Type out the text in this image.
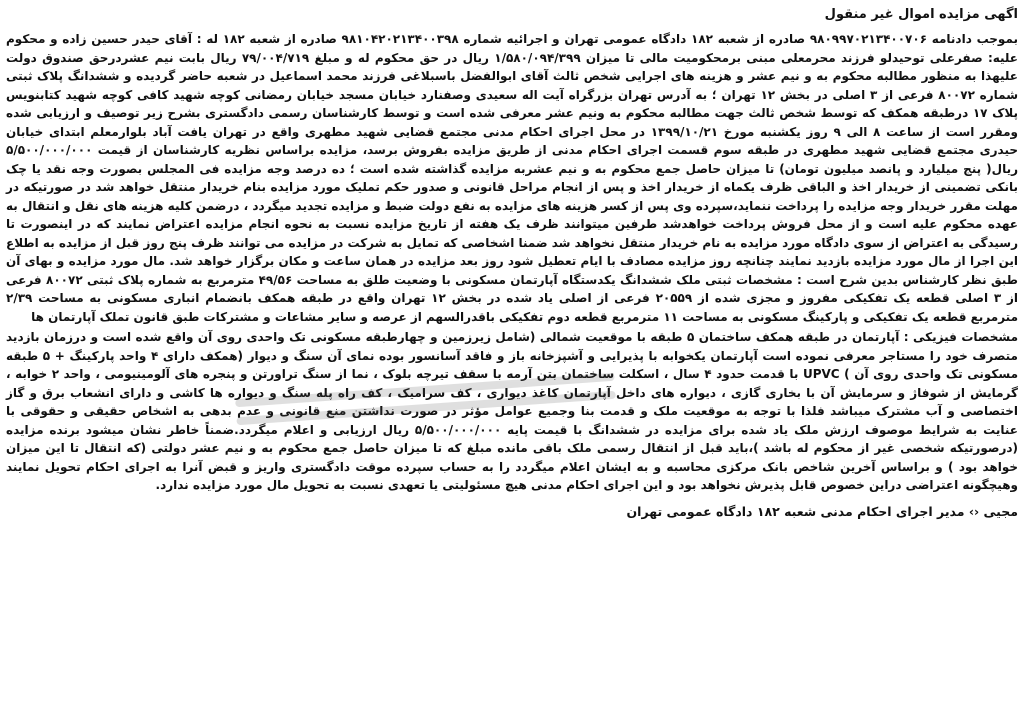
اگهی مزایده اموال غیر منقول

بموجب دادنامه ۹۸۰۹۹۷۰۲۱۳۴۰۰۷۰۶ صادره از شعبه ۱۸۲ دادگاه عمومی تهران و اجرائیه شماره ۹۸۱۰۴۲۰۲۱۳۴۰۰۳۹۸ صادره از شعبه ۱۸۲ له : آقای حیدر حسین زاده و محکوم علیه: صفرعلی توحیدلو فرزند محرمعلی مبنی برمحکومیت مالی تا میزان ۱/۵۸۰/۰۹۴/۳۹۹ ریال در حق محکوم له و مبلغ ۷۹/۰۰۴/۷۱۹ ریال بابت نیم عشردرحق صندوق دولت علیهذا به منظور مطالبه محکوم به و نیم عشر و هزینه های اجرایی شخص ثالث آقای ابوالفضل باسبلاغی فرزند محمد اسماعیل در شعبه حاضر گردیده و ششدانگ پلاک ثبتی شماره ۸۰۰۷۲ فرعی از ۳ اصلی در بخش ۱۲ تهران ؛ به آدرس تهران بزرگراه آیت اله سعیدی وصفنارد خیابان مسجد خیابان رمضانی کوچه شهید کافی کوچه شهید کتابنویس پلاک ۱۷ درطبقه همکف که توسط شخص ثالث جهت مطالبه محکوم به ونیم عشر معرفی شده است و توسط کارشناسان رسمی دادگستری بشرح زیر توصیف و ارزیابی شده ومقرر است از ساعت ۸ الی ۹ روز یکشنبه مورخ ۱۳۹۹/۱۰/۲۱ در محل اجرای احکام مدنی مجتمع قضایی شهید مطهری واقع در تهران یافت آباد بلوارمعلم ابتدای خیابان حیدری مجتمع قضایی شهید مطهری در طبقه سوم قسمت اجرای احکام مدنی از طریق مزایده بفروش برسد، مزایده براساس نظریه کارشناسان از قیمت ۵/۵۰۰/۰۰۰/۰۰۰ ریال( پنج میلیارد و پانصد میلیون تومان) تا میزان حاصل جمع محکوم به و نیم عشربه مزایده گذاشته شده است ؛ ده درصد وجه مزایده فی المجلس بصورت وجه نقد یا چک بانکی تضمینی از خریدار اخذ و الباقی ظرف یکماه از خریدار اخذ و پس از انجام مراحل قانونی و صدور حکم تملیک مورد مزایده بنام خریدار منتقل خواهد شد در صورتیکه در مهلت مقرر خریدار وجه مزایده را پرداخت ننماید،سپرده وی پس از کسر هزینه های مزایده به نفع دولت ضبط و مزایده تجدید میگردد ، درضمن کلیه هزینه های نقل و انتقال به عهده محکوم علیه است و از محل فروش پرداخت خواهدشد طرفین میتوانند ظرف یک هفته از تاریخ مزایده نسبت به نحوه انجام مزایده اعتراض نمایند که در اینصورت تا رسیدگی به اعتراض از سوی دادگاه مورد مزایده به نام خریدار منتقل نخواهد شد ضمنا اشخاصی که تمایل به شرکت در مزایده می توانند ظرف پنج روز قبل از مزایده به اطلاع این اجرا از مال مورد مزایده بازدید نمایند چنانچه روز مزایده مصادف با ایام تعطیل شود روز بعد مزایده در همان ساعت و مکان برگزار خواهد شد. مال مورد مزایده و بهای آن طبق نظر کارشناس بدین شرح است : مشخصات ثبتی ملک ششدانگ یکدستگاه آپارتمان مسکونی با وضعیت طلق به مساحت ۴۹/۵۶ مترمربع به شماره پلاک ثبتی ۸۰۰۷۲ فرعی از ۳ اصلی قطعه یک تفکیکی مفروز و مجزی شده از ۲۰۵۵۹ فرعی از اصلی یاد شده در بخش ۱۲ تهران واقع در طبقه همکف بانضمام انباری مسکونی به مساحت ۲/۳۹ مترمربع قطعه یک تفکیکی و پارکینگ مسکونی به مساحت ۱۱ مترمربع قطعه دوم تفکیکی باقدرالسهم از عرصه و سایر مشاعات و مشترکات طبق قانون تملک آپارتمان ها

مشخصات فیزیکی : آپارتمان در طبقه همکف ساختمان ۵ طبقه با موقعیت شمالی (شامل زیرزمین و چهارطبقه مسکونی تک واحدی روی آن واقع شده است و درزمان بازدید متصرف خود را مستاجر معرفی نموده است آپارتمان یکخوابه با پذیرایی و آشپزخانه باز و فاقد آسانسور بوده نمای آن سنگ و دیوار (همکف دارای ۴ واحد پارکینگ + ۵ طبقه مسکونی تک واحدی روی آن ) UPVC با قدمت حدود ۴ سال ، اسکلت ساختمان بتن آرمه با سقف تیرچه بلوک ، نما از سنگ تراورتن و پنجره های آلومینیومی ، واحد ۲ خوابه ، گرمایش از شوفاژ و سرمایش آن با بخاری گازی ، دیواره های داخل آپارتمان کاغذ دیواری ، کف سرامیک ، کف راه پله سنگ و دیواره ها کاشی و دارای انشعاب برق و گاز اختصاصی و آب مشترک میباشد فلذا با توجه به موقعیت ملک و قدمت بنا وجمیع عوامل مؤثر در صورت نداشتن منع قانونی و عدم بدهی به اشخاص حقیقی و حقوقی با عنایت به شرایط موصوف ارزش ملک یاد شده برای مزایده در ششدانگ با قیمت پایه ۵/۵۰۰/۰۰۰/۰۰۰ ریال ارزیابی و اعلام میگردد.ضمناً خاطر نشان میشود برنده مزایده (درصورتیکه شخصی غیر از محکوم له باشد )،باید قبل از انتقال رسمی ملک باقی مانده مبلغ که تا میزان حاصل جمع محکوم به و نیم عشر دولتی (که انتقال تا این میزان خواهد بود ) و براساس آخرین شاخص بانک مرکزی محاسبه و به ایشان اعلام میگردد را به حساب سپرده موقت دادگستری واریز و قبض آنرا به اجرای احکام تحویل نمایند وهیچگونه اعتراضی دراین خصوص قابل پذیرش نخواهد بود و این اجرای احکام مدنی هیچ مسئولیتی یا تعهدی نسبت به تحویل مال مورد مزایده ندارد.

مجیی ‹› مدیر اجرای احکام مدنی شعبه ۱۸۲ دادگاه عمومی تهران
